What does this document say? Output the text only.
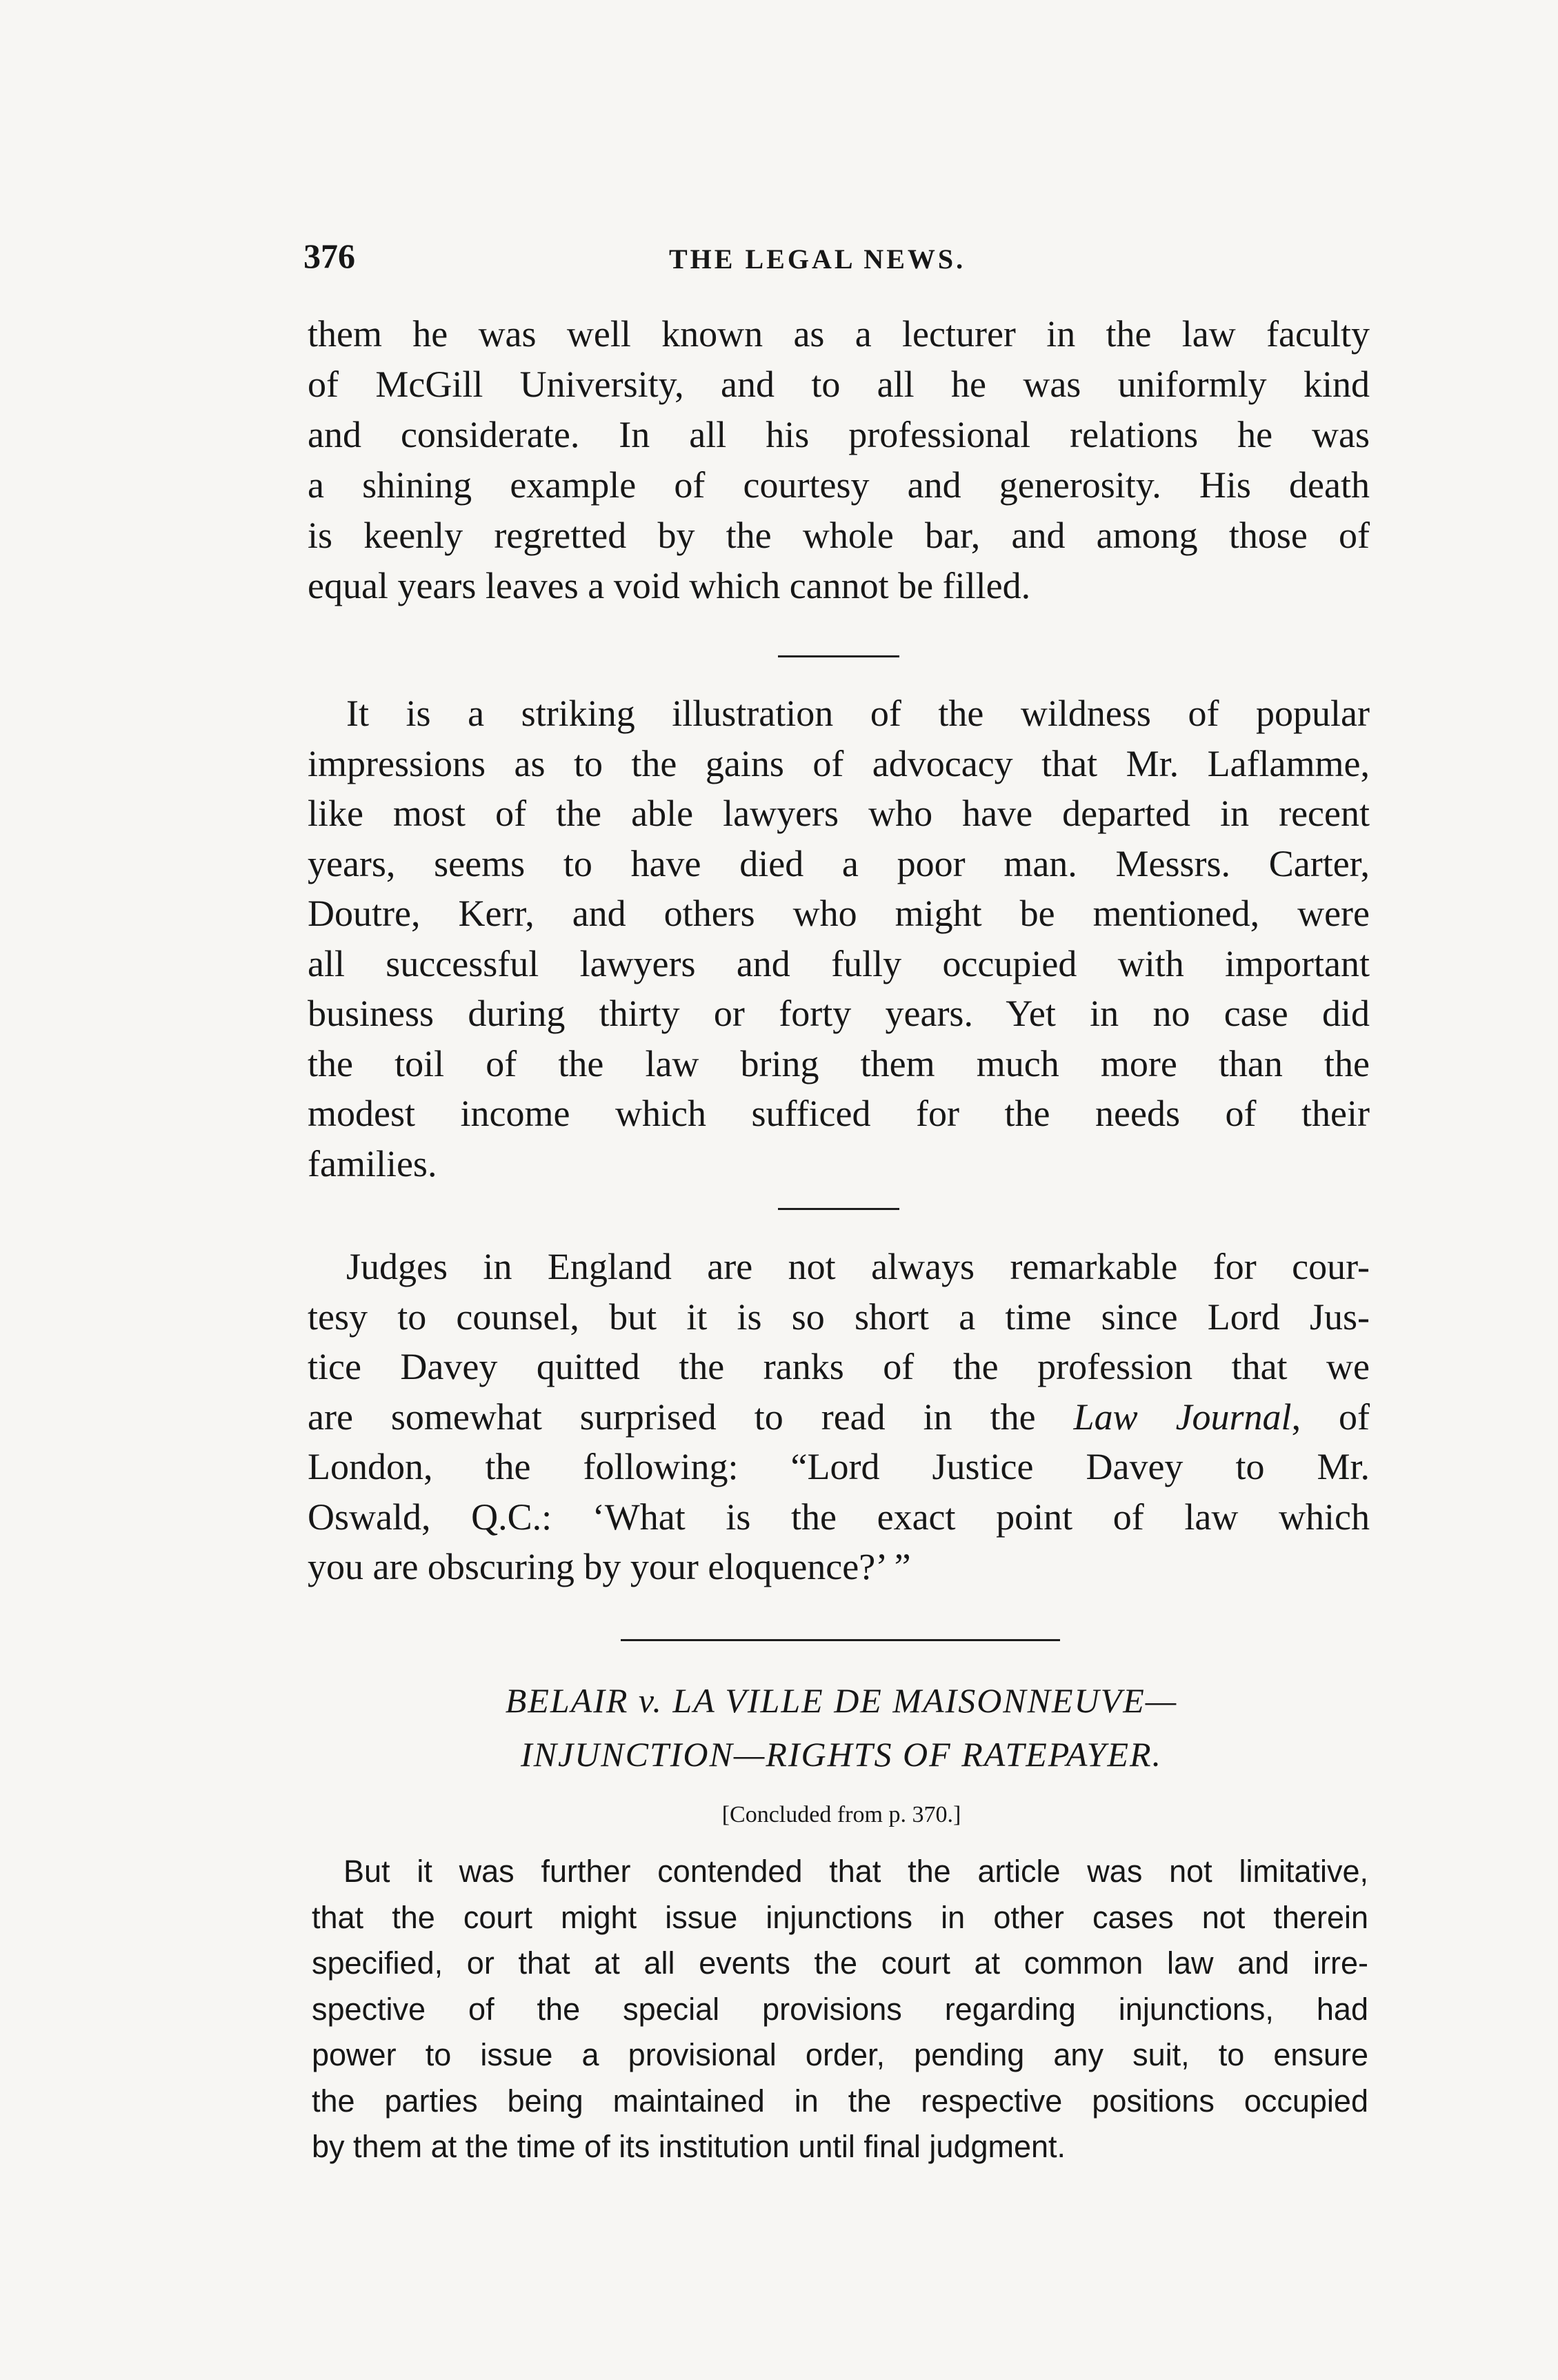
376	THE LEGAL NEWS.

them he was well known as a lecturer in the law faculty
of McGill University, and to all he was uniformly kind
and considerate. In all his professional relations he was
a shining example of courtesy and generosity. His death
is keenly regretted by the whole bar, and among those of
equal years leaves a void which cannot be filled.

It is a striking illustration of the wildness of popular
impressions as to the gains of advocacy that Mr. Laflamme,
like most of the able lawyers who have departed in recent
years, seems to have died a poor man. Messrs. Carter,
Doutre, Kerr, and others who might be mentioned, were
all successful lawyers and fully occupied with important
business during thirty or forty years. Yet in no case did
the toil of the law bring them much more than the
modest income which sufficed for the needs of their
families.

Judges in England are not always remarkable for cour-
tesy to counsel, but it is so short a time since Lord Jus-
tice Davey quitted the ranks of the profession that we
are somewhat surprised to read in the Law Journal, of
London, the following: “Lord Justice Davey to Mr.
Oswald, Q.C.: ‘What is the exact point of law which
you are obscuring by your eloquence?’ ”

BELAIR v. LA VILLE DE MAISONNEUVE—
INJUNCTION—RIGHTS OF RATEPAYER.
[Concluded from p. 370.]

But it was further contended that the article was not limitative,
that the court might issue injunctions in other cases not therein
specified, or that at all events the court at common law and irre-
spective of the special provisions regarding injunctions, had
power to issue a provisional order, pending any suit, to ensure
the parties being maintained in the respective positions occupied
by them at the time of its institution until final judgment.
